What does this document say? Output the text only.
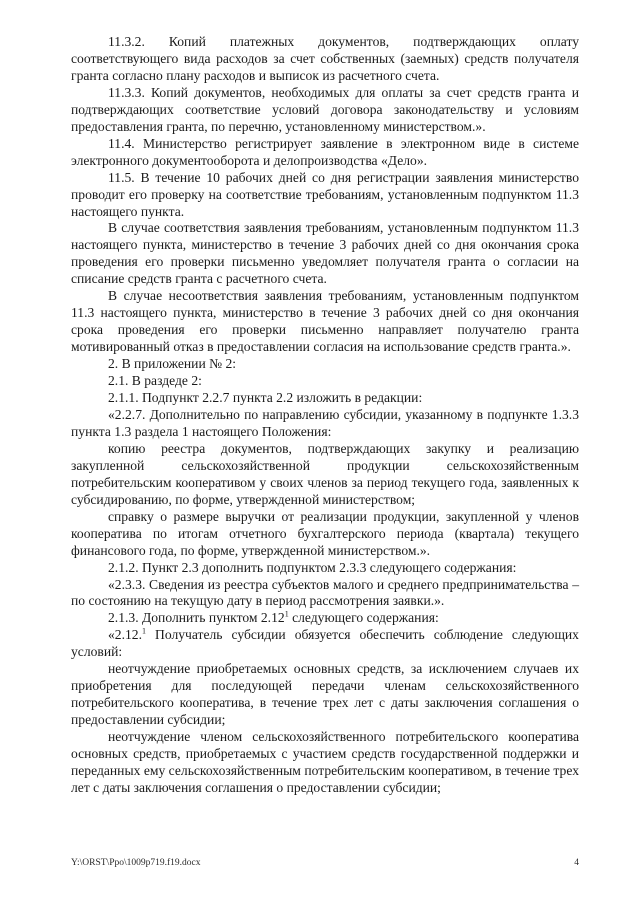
11.3.2. Копий платежных документов, подтверждающих оплату соответствующего вида расходов за счет собственных (заемных) средств получателя гранта согласно плану расходов и выписок из расчетного счета.

11.3.3. Копий документов, необходимых для оплаты за счет средств гранта и подтверждающих соответствие условий договора законодательству и условиям предоставления гранта, по перечню, установленному министерством.».

11.4. Министерство регистрирует заявление в электронном виде в системе электронного документооборота и делопроизводства «Дело».

11.5. В течение 10 рабочих дней со дня регистрации заявления министерство проводит его проверку на соответствие требованиям, установленным подпунктом 11.3 настоящего пункта.

В случае соответствия заявления требованиям, установленным подпунктом 11.3 настоящего пункта, министерство в течение 3 рабочих дней со дня окончания срока проведения его проверки письменно уведомляет получателя гранта о согласии на списание средств гранта с расчетного счета.

В случае несоответствия заявления требованиям, установленным подпунктом 11.3 настоящего пункта, министерство в течение 3 рабочих дней со дня окончания срока проведения его проверки письменно направляет получателю гранта мотивированный отказ в предоставлении согласия на использование средств гранта.».

2. В приложении № 2:

2.1. В раздеде 2:

2.1.1. Подпункт 2.2.7 пункта 2.2 изложить в редакции:

«2.2.7. Дополнительно по направлению субсидии, указанному в подпункте 1.3.3 пункта 1.3 раздела 1 настоящего Положения:

копию реестра документов, подтверждающих закупку и реализацию закупленной сельскохозяйственной продукции сельскохозяйственным потребительским кооперативом у своих членов за период текущего года, заявленных к субсидированию, по форме, утвержденной министерством;

справку о размере выручки от реализации продукции, закупленной у членов кооператива по итогам отчетного бухгалтерского периода (квартала) текущего финансового года, по форме, утвержденной министерством.».

2.1.2. Пункт 2.3 дополнить подпунктом 2.3.3 следующего содержания:

«2.3.3. Сведения из реестра субъектов малого и среднего предпринимательства – по состоянию на текущую дату в период рассмотрения заявки.».

2.1.3. Дополнить пунктом 2.12$^1$ следующего содержания:

«2.12.$^1$ Получатель субсидии обязуется обеспечить соблюдение следующих условий:

неотчуждение приобретаемых основных средств, за исключением случаев их приобретения для последующей передачи членам сельскохозяйственного потребительского кооператива, в течение трех лет с даты заключения соглашения о предоставлении субсидии;

неотчуждение членом сельскохозяйственного потребительского кооператива основных средств, приобретаемых с участием средств государственной поддержки и переданных ему сельскохозяйственным потребительским кооперативом, в течение трех лет с даты заключения соглашения о предоставлении субсидии;

Y:\ORST\Ppo\1009p719.f19.docx	4
